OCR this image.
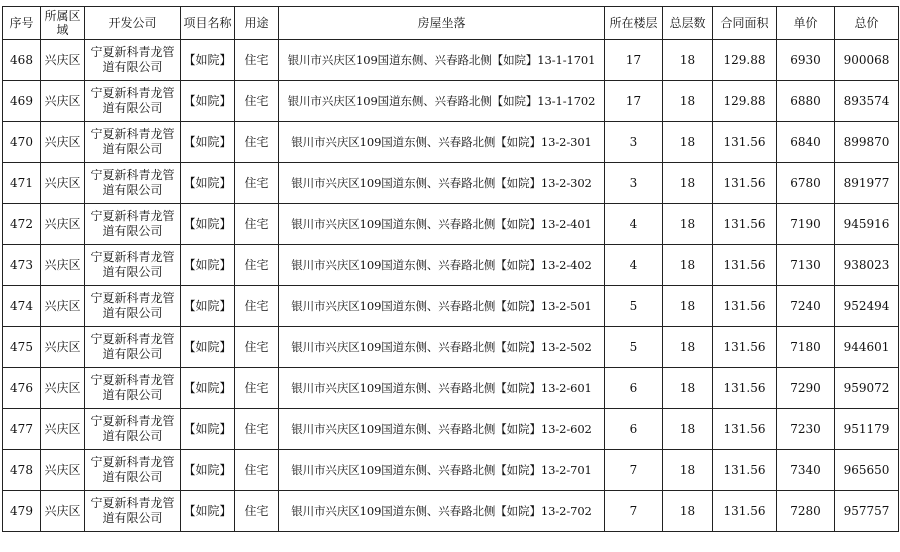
序号	所属区域	开发公司	项目名称	用途	房屋坐落	所在楼层	总层数	合同面积	单价	总价
468	兴庆区	宁夏新科青龙管道有限公司	【如院】	住宅	银川市兴庆区109国道东侧、兴春路北侧【如院】13-1-1701	17	18	129.88	6930	900068
469	兴庆区	宁夏新科青龙管道有限公司	【如院】	住宅	银川市兴庆区109国道东侧、兴春路北侧【如院】13-1-1702	17	18	129.88	6880	893574
470	兴庆区	宁夏新科青龙管道有限公司	【如院】	住宅	银川市兴庆区109国道东侧、兴春路北侧【如院】13-2-301	3	18	131.56	6840	899870
471	兴庆区	宁夏新科青龙管道有限公司	【如院】	住宅	银川市兴庆区109国道东侧、兴春路北侧【如院】13-2-302	3	18	131.56	6780	891977
472	兴庆区	宁夏新科青龙管道有限公司	【如院】	住宅	银川市兴庆区109国道东侧、兴春路北侧【如院】13-2-401	4	18	131.56	7190	945916
473	兴庆区	宁夏新科青龙管道有限公司	【如院】	住宅	银川市兴庆区109国道东侧、兴春路北侧【如院】13-2-402	4	18	131.56	7130	938023
474	兴庆区	宁夏新科青龙管道有限公司	【如院】	住宅	银川市兴庆区109国道东侧、兴春路北侧【如院】13-2-501	5	18	131.56	7240	952494
475	兴庆区	宁夏新科青龙管道有限公司	【如院】	住宅	银川市兴庆区109国道东侧、兴春路北侧【如院】13-2-502	5	18	131.56	7180	944601
476	兴庆区	宁夏新科青龙管道有限公司	【如院】	住宅	银川市兴庆区109国道东侧、兴春路北侧【如院】13-2-601	6	18	131.56	7290	959072
477	兴庆区	宁夏新科青龙管道有限公司	【如院】	住宅	银川市兴庆区109国道东侧、兴春路北侧【如院】13-2-602	6	18	131.56	7230	951179
478	兴庆区	宁夏新科青龙管道有限公司	【如院】	住宅	银川市兴庆区109国道东侧、兴春路北侧【如院】13-2-701	7	18	131.56	7340	965650
479	兴庆区	宁夏新科青龙管道有限公司	【如院】	住宅	银川市兴庆区109国道东侧、兴春路北侧【如院】13-2-702	7	18	131.56	7280	957757
